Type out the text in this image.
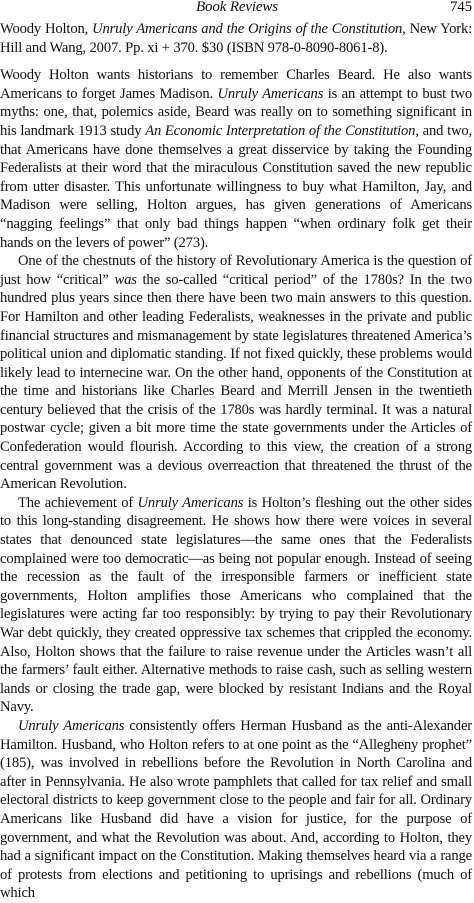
Book Reviews	745

Woody Holton, Unruly Americans and the Origins of the Constitution, New York: Hill and Wang, 2007. Pp. xi + 370. $30 (ISBN 978-0-8090-8061-8).

Woody Holton wants historians to remember Charles Beard. He also wants Americans to forget James Madison. Unruly Americans is an attempt to bust two myths: one, that, polemics aside, Beard was really on to something significant in his landmark 1913 study An Economic Interpretation of the Constitution, and two, that Americans have done themselves a great disservice by taking the Founding Federalists at their word that the miraculous Constitution saved the new republic from utter disaster. This unfortunate willingness to buy what Hamilton, Jay, and Madison were selling, Holton argues, has given generations of Americans “nagging feelings” that only bad things happen “when ordinary folk get their hands on the levers of power” (273).

One of the chestnuts of the history of Revolutionary America is the question of just how “critical” was the so-called “critical period” of the 1780s? In the two hundred plus years since then there have been two main answers to this question. For Hamilton and other leading Federalists, weaknesses in the private and public financial structures and mismanagement by state legislatures threatened America’s political union and diplomatic standing. If not fixed quickly, these problems would likely lead to internecine war. On the other hand, opponents of the Constitution at the time and historians like Charles Beard and Merrill Jensen in the twentieth century believed that the crisis of the 1780s was hardly terminal. It was a natural postwar cycle; given a bit more time the state governments under the Articles of Confederation would flourish. According to this view, the creation of a strong central government was a devious overreaction that threatened the thrust of the American Revolution.

The achievement of Unruly Americans is Holton’s fleshing out the other sides to this long-standing disagreement. He shows how there were voices in several states that denounced state legislatures—the same ones that the Federalists complained were too democratic—as being not popular enough. Instead of seeing the recession as the fault of the irresponsible farmers or inefficient state governments, Holton amplifies those Americans who complained that the legislatures were acting far too responsibly: by trying to pay their Revolutionary War debt quickly, they created oppressive tax schemes that crippled the economy. Also, Holton shows that the failure to raise revenue under the Articles wasn’t all the farmers’ fault either. Alternative methods to raise cash, such as selling western lands or closing the trade gap, were blocked by resistant Indians and the Royal Navy.

Unruly Americans consistently offers Herman Husband as the anti-Alexander Hamilton. Husband, who Holton refers to at one point as the “Allegheny prophet” (185), was involved in rebellions before the Revolution in North Carolina and after in Pennsylvania. He also wrote pamphlets that called for tax relief and small electoral districts to keep government close to the people and fair for all. Ordinary Americans like Husband did have a vision for justice, for the purpose of government, and what the Revolution was about. And, according to Holton, they had a significant impact on the Constitution. Making themselves heard via a range of protests from elections and petitioning to uprisings and rebellions (much of which
